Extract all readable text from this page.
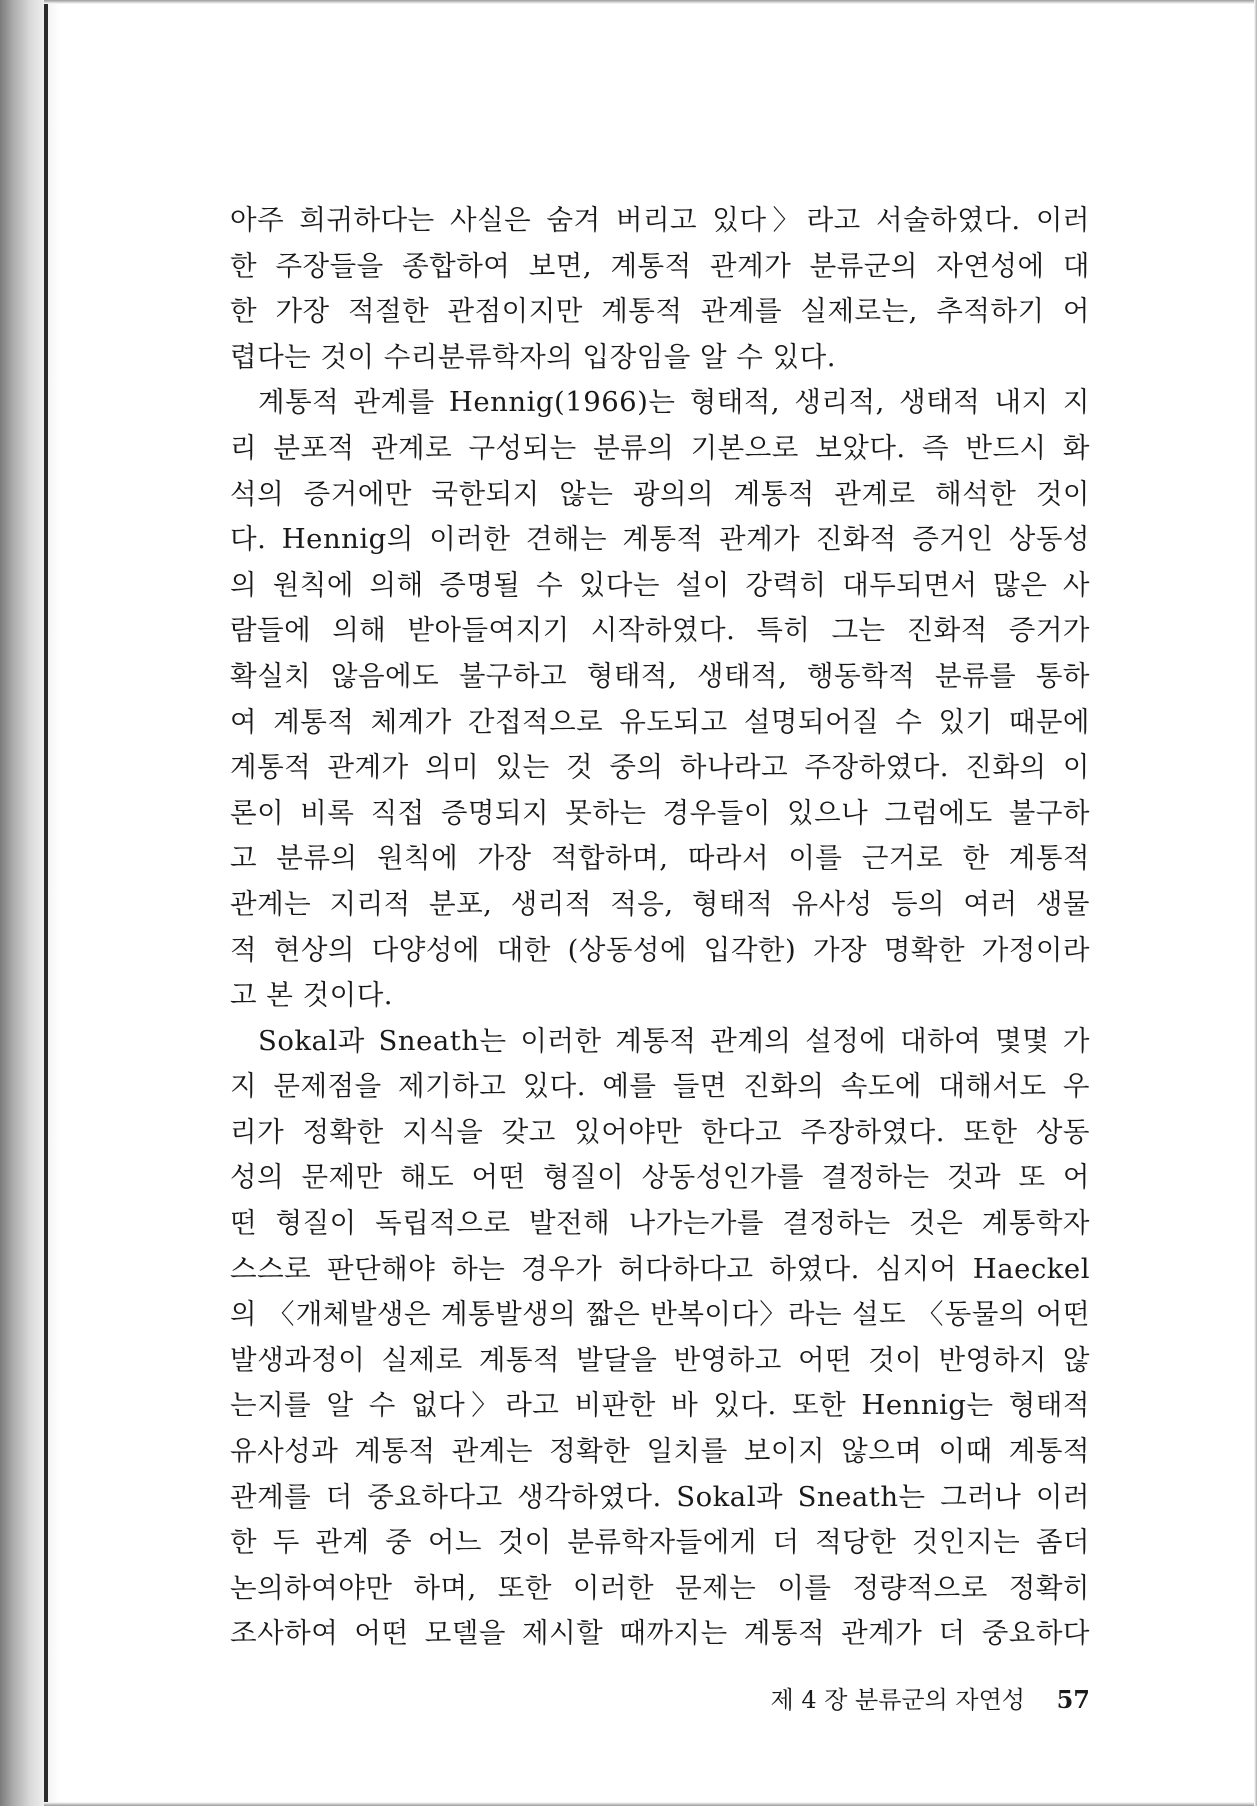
아주 희귀하다는 사실은 숨겨 버리고 있다〉라고 서술하였다. 이러
한 주장들을 종합하여 보면, 계통적 관계가 분류군의 자연성에 대
한 가장 적절한 관점이지만 계통적 관계를 실제로는, 추적하기 어
렵다는 것이 수리분류학자의 입장임을 알 수 있다.
계통적 관계를 Hennig(1966)는 형태적, 생리적, 생태적 내지 지
리 분포적 관계로 구성되는 분류의 기본으로 보았다. 즉 반드시 화
석의 증거에만 국한되지 않는 광의의 계통적 관계로 해석한 것이
다. Hennig의 이러한 견해는 계통적 관계가 진화적 증거인 상동성
의 원칙에 의해 증명될 수 있다는 설이 강력히 대두되면서 많은 사
람들에 의해 받아들여지기 시작하였다. 특히 그는 진화적 증거가
확실치 않음에도 불구하고 형태적, 생태적, 행동학적 분류를 통하
여 계통적 체계가 간접적으로 유도되고 설명되어질 수 있기 때문에
계통적 관계가 의미 있는 것 중의 하나라고 주장하였다. 진화의 이
론이 비록 직접 증명되지 못하는 경우들이 있으나 그럼에도 불구하
고 분류의 원칙에 가장 적합하며, 따라서 이를 근거로 한 계통적
관계는 지리적 분포, 생리적 적응, 형태적 유사성 등의 여러 생물
적 현상의 다양성에 대한 (상동성에 입각한) 가장 명확한 가정이라
고 본 것이다.
Sokal과 Sneath는 이러한 계통적 관계의 설정에 대하여 몇몇 가
지 문제점을 제기하고 있다. 예를 들면 진화의 속도에 대해서도 우
리가 정확한 지식을 갖고 있어야만 한다고 주장하였다. 또한 상동
성의 문제만 해도 어떤 형질이 상동성인가를 결정하는 것과 또 어
떤 형질이 독립적으로 발전해 나가는가를 결정하는 것은 계통학자
스스로 판단해야 하는 경우가 허다하다고 하였다. 심지어 Haeckel
의 〈개체발생은 계통발생의 짧은 반복이다〉라는 설도 〈동물의 어떤
발생과정이 실제로 계통적 발달을 반영하고 어떤 것이 반영하지 않
는지를 알 수 없다〉라고 비판한 바 있다. 또한 Hennig는 형태적
유사성과 계통적 관계는 정확한 일치를 보이지 않으며 이때 계통적
관계를 더 중요하다고 생각하였다. Sokal과 Sneath는 그러나 이러
한 두 관계 중 어느 것이 분류학자들에게 더 적당한 것인지는 좀더
논의하여야만 하며, 또한 이러한 문제는 이를 정량적으로 정확히
조사하여 어떤 모델을 제시할 때까지는 계통적 관계가 더 중요하다
제 4 장 분류군의 자연성 57
